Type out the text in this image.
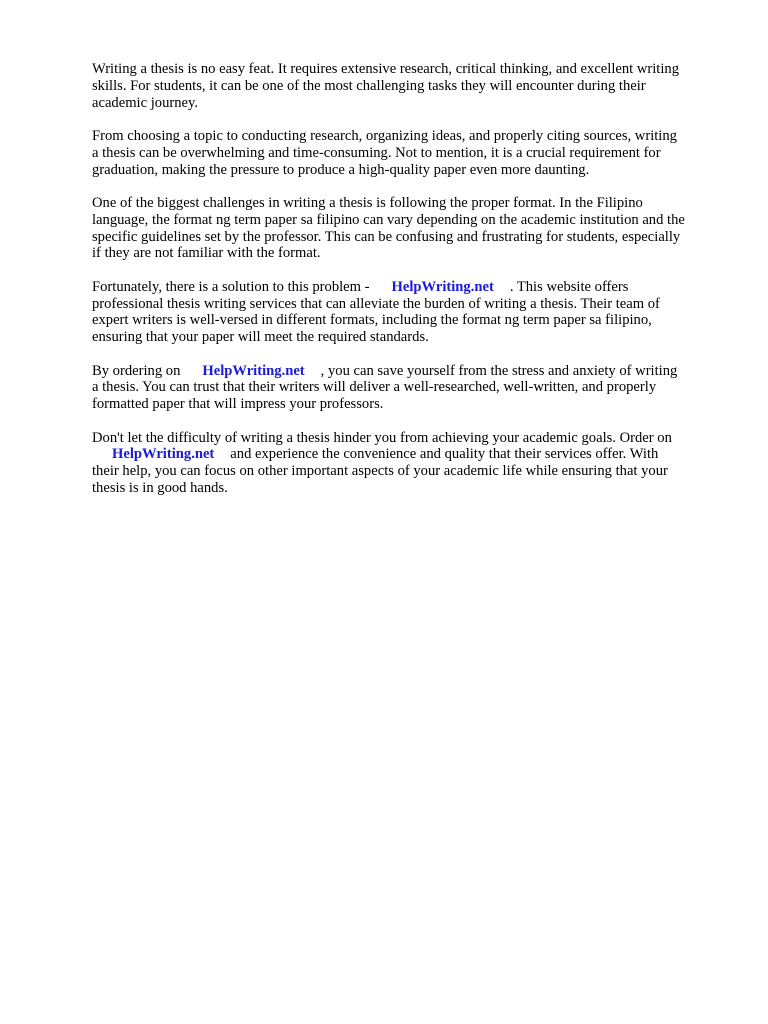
Writing a thesis is no easy feat. It requires extensive research, critical thinking, and excellent writing
skills. For students, it can be one of the most challenging tasks they will encounter during their
academic journey.

From choosing a topic to conducting research, organizing ideas, and properly citing sources, writing
a thesis can be overwhelming and time-consuming. Not to mention, it is a crucial requirement for
graduation, making the pressure to produce a high-quality paper even more daunting.

One of the biggest challenges in writing a thesis is following the proper format. In the Filipino
language, the format ng term paper sa filipino can vary depending on the academic institution and the
specific guidelines set by the professor. This can be confusing and frustrating for students, especially
if they are not familiar with the format.

Fortunately, there is a solution to this problem - HelpWriting.net . This website offers
professional thesis writing services that can alleviate the burden of writing a thesis. Their team of
expert writers is well-versed in different formats, including the format ng term paper sa filipino,
ensuring that your paper will meet the required standards.

By ordering on HelpWriting.net , you can save yourself from the stress and anxiety of writing
a thesis. You can trust that their writers will deliver a well-researched, well-written, and properly
formatted paper that will impress your professors.

Don't let the difficulty of writing a thesis hinder you from achieving your academic goals. Order on
HelpWriting.net and experience the convenience and quality that their services offer. With
their help, you can focus on other important aspects of your academic life while ensuring that your
thesis is in good hands.
